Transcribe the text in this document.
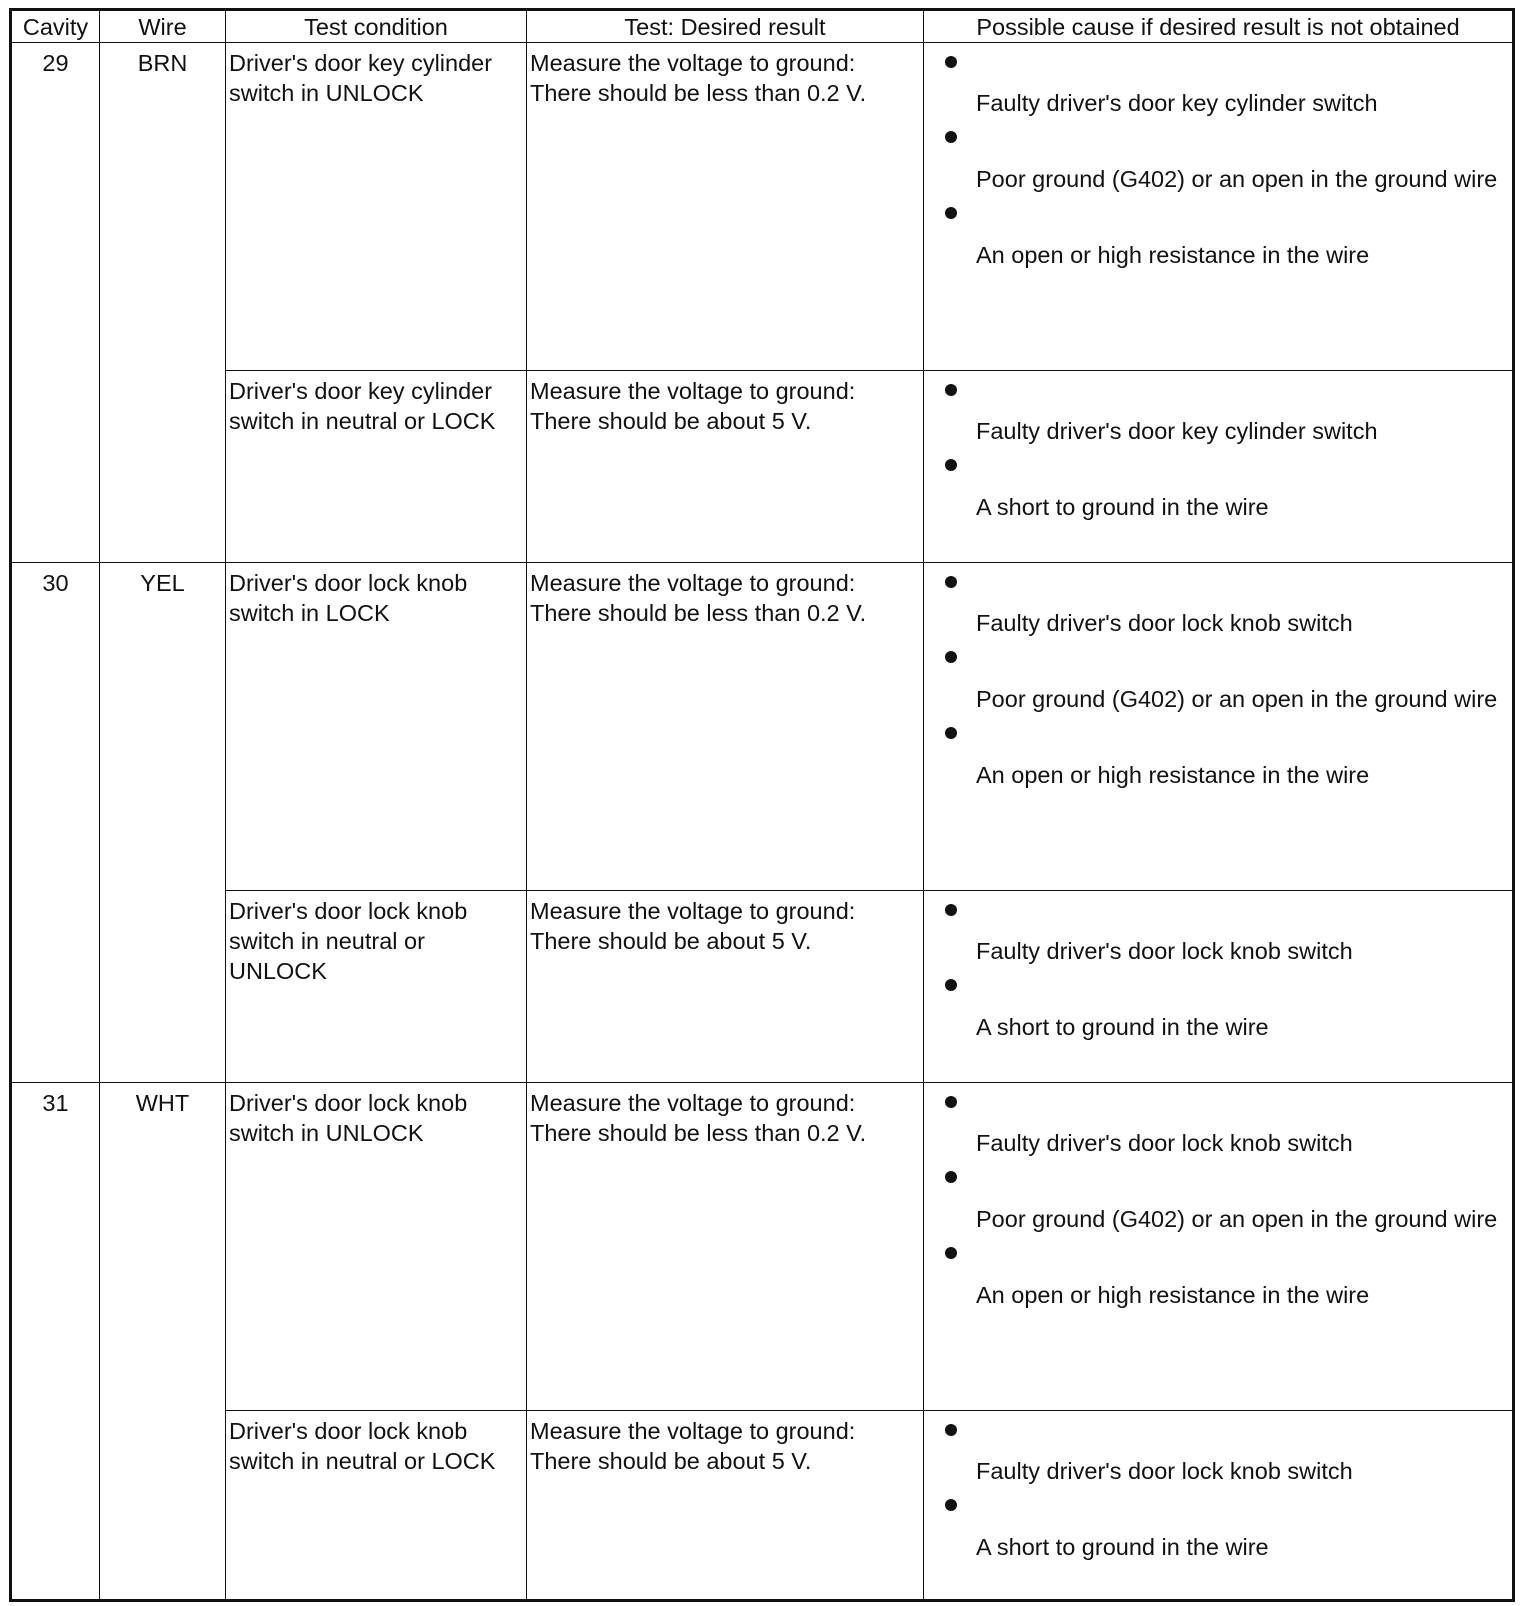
Cavity	Wire	Test condition	Test: Desired result	Possible cause if desired result is not obtained
29	BRN	Driver's door key cylinder switch in UNLOCK	Measure the voltage to ground: There should be less than 0.2 V.	Faulty driver's door key cylinder switch
Poor ground (G402) or an open in the ground wire
An open or high resistance in the wire

		Driver's door key cylinder switch in neutral or LOCK	Measure the voltage to ground: There should be about 5 V.	Faulty driver's door key cylinder switch
A short to ground in the wire

30	YEL	Driver's door lock knob switch in LOCK	Measure the voltage to ground: There should be less than 0.2 V.	Faulty driver's door lock knob switch
Poor ground (G402) or an open in the ground wire
An open or high resistance in the wire

		Driver's door lock knob switch in neutral or UNLOCK	Measure the voltage to ground: There should be about 5 V.	Faulty driver's door lock knob switch
A short to ground in the wire

31	WHT	Driver's door lock knob switch in UNLOCK	Measure the voltage to ground: There should be less than 0.2 V.	Faulty driver's door lock knob switch
Poor ground (G402) or an open in the ground wire
An open or high resistance in the wire

		Driver's door lock knob switch in neutral or LOCK	Measure the voltage to ground: There should be about 5 V.	Faulty driver's door lock knob switch
A short to ground in the wire
